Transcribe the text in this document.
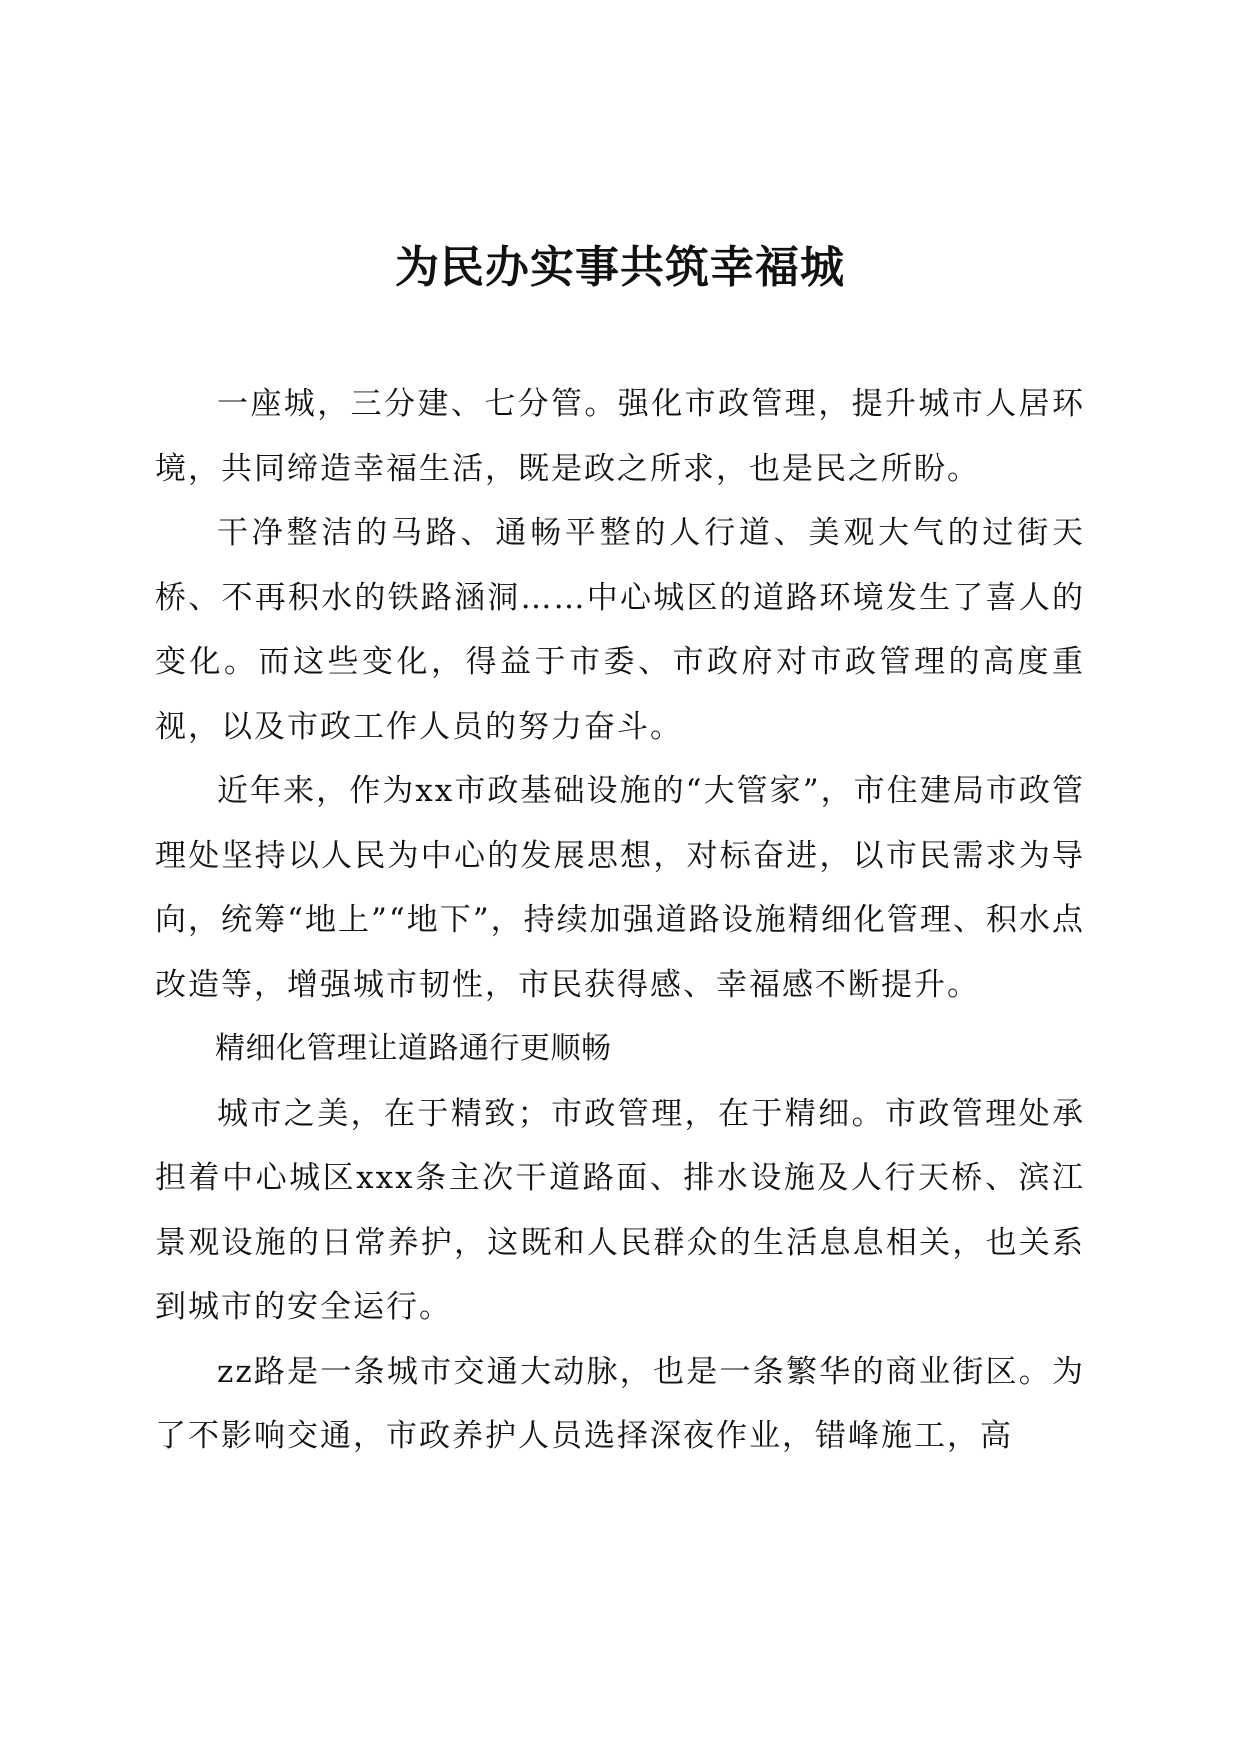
为民办实事共筑幸福城

一座城，三分建、七分管。强化市政管理，提升城市人居环境，共同缔造幸福生活，既是政之所求，也是民之所盼。

干净整洁的马路、通畅平整的人行道、美观大气的过街天桥、不再积水的铁路涵洞……中心城区的道路环境发生了喜人的变化。而这些变化，得益于市委、市政府对市政管理的高度重视，以及市政工作人员的努力奋斗。

近年来，作为xx市政基础设施的“大管家”，市住建局市政管理处坚持以人民为中心的发展思想，对标奋进，以市民需求为导向，统筹“地上”“地下”，持续加强道路设施精细化管理、积水点改造等，增强城市韧性，市民获得感、幸福感不断提升。

精细化管理让道路通行更顺畅

城市之美，在于精致；市政管理，在于精细。市政管理处承担着中心城区xxx条主次干道路面、排水设施及人行天桥、滨江景观设施的日常养护，这既和人民群众的生活息息相关，也关系到城市的安全运行。

zz路是一条城市交通大动脉，也是一条繁华的商业街区。为了不影响交通，市政养护人员选择深夜作业，错峰施工，高
